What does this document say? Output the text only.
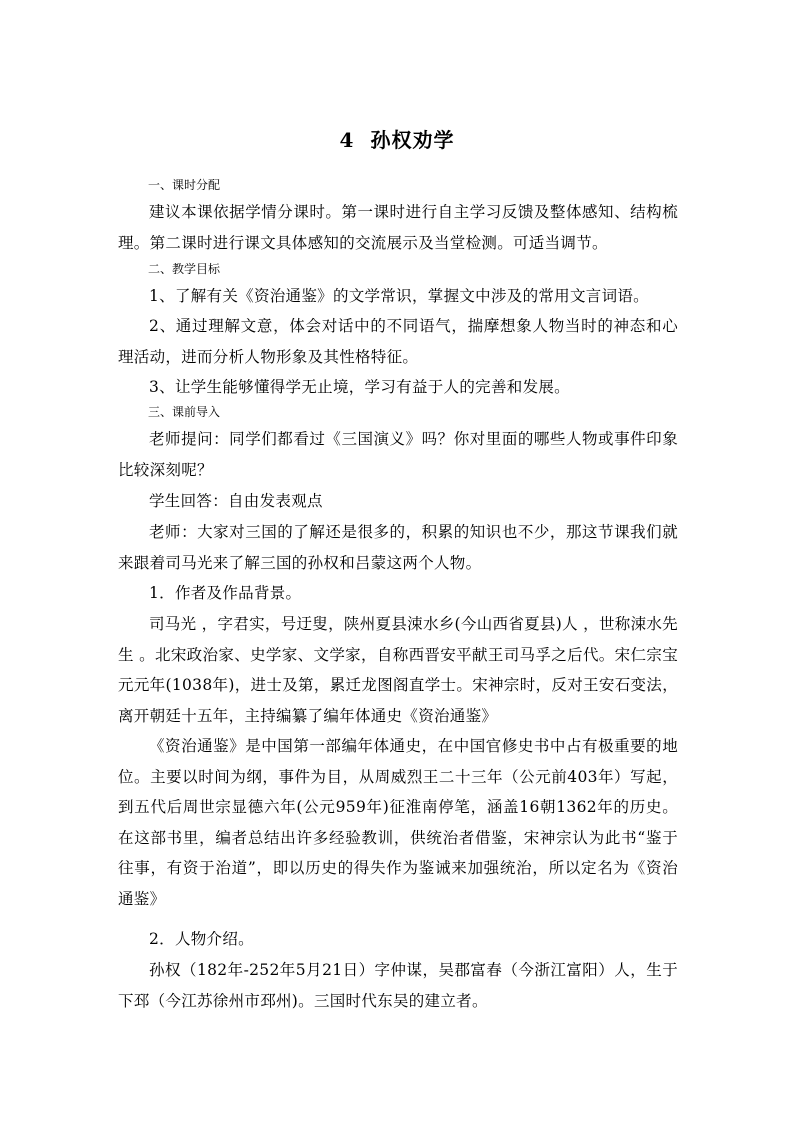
4 孙权劝学
一、课时分配
建议本课依据学情分课时。第一课时进行自主学习反馈及整体感知、结构梳理。第二课时进行课文具体感知的交流展示及当堂检测。可适当调节。
二、教学目标
1、了解有关《资治通鉴》的文学常识，掌握文中涉及的常用文言词语。
2、通过理解文意，体会对话中的不同语气，揣摩想象人物当时的神态和心理活动，进而分析人物形象及其性格特征。
3、让学生能够懂得学无止境，学习有益于人的完善和发展。
三、课前导入
老师提问：同学们都看过《三国演义》吗？你对里面的哪些人物或事件印象比较深刻呢？
学生回答：自由发表观点
老师：大家对三国的了解还是很多的，积累的知识也不少，那这节课我们就来跟着司马光来了解三国的孙权和吕蒙这两个人物。
1．作者及作品背景。
司马光 ，字君实，号迂叟，陕州夏县涑水乡(今山西省夏县)人 ，世称涑水先生 。北宋政治家、史学家、文学家，自称西晋安平献王司马孚之后代。宋仁宗宝元元年(1038年)，进士及第，累迁龙图阁直学士。宋神宗时，反对王安石变法，离开朝廷十五年，主持编纂了编年体通史《资治通鉴》
《资治通鉴》是中国第一部编年体通史，在中国官修史书中占有极重要的地位。主要以时间为纲，事件为目，从周威烈王二十三年（公元前403年）写起，到五代后周世宗显德六年(公元959年)征淮南停笔，涵盖16朝1362年的历史。在这部书里，编者总结出许多经验教训，供统治者借鉴，宋神宗认为此书“鉴于往事，有资于治道”，即以历史的得失作为鉴诫来加强统治，所以定名为《资治通鉴》
2．人物介绍。
孙权（182年-252年5月21日）字仲谋，吴郡富春（今浙江富阳）人，生于下邳（今江苏徐州市邳州)。三国时代东吴的建立者。
